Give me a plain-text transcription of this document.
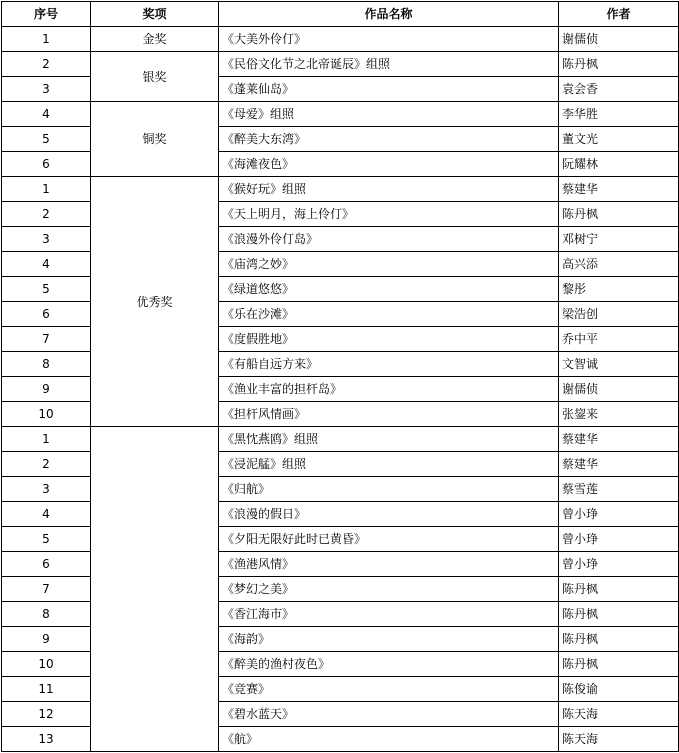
序号	奖项	作品名称	作者
1	金奖	《大美外伶仃》	谢儒侦
2	银奖	《民俗文化节之北帝诞辰》组照	陈丹枫
3		《蓬莱仙岛》	袁会香
4	铜奖	《母爱》组照	李华胜
5		《醉美大东湾》	董文光
6		《海滩夜色》	阮耀林
1	优秀奖	《猴好玩》组照	蔡建华
2		《天上明月，海上伶仃》	陈丹枫
3		《浪漫外伶仃岛》	邓树宁
4		《庙湾之妙》	高兴添
5		《绿道悠悠》	黎彤
6		《乐在沙滩》	梁浩创
7		《度假胜地》	乔中平
8		《有船自远方来》	文智诚
9		《渔业丰富的担杆岛》	谢儒侦
10		《担杆风情画》	张鋆来
1		《黑忱燕鸥》组照	蔡建华
2		《浸泥艋》组照	蔡建华
3		《归航》	蔡雪莲
4		《浪漫的假日》	曾小琤
5		《夕阳无限好此时已黄昏》	曾小琤
6		《渔港风情》	曾小琤
7		《梦幻之美》	陈丹枫
8		《香江海市》	陈丹枫
9		《海韵》	陈丹枫
10		《醉美的渔村夜色》	陈丹枫
11		《竞赛》	陈俊谕
12		《碧水蓝天》	陈天海
13		《航》	陈天海
